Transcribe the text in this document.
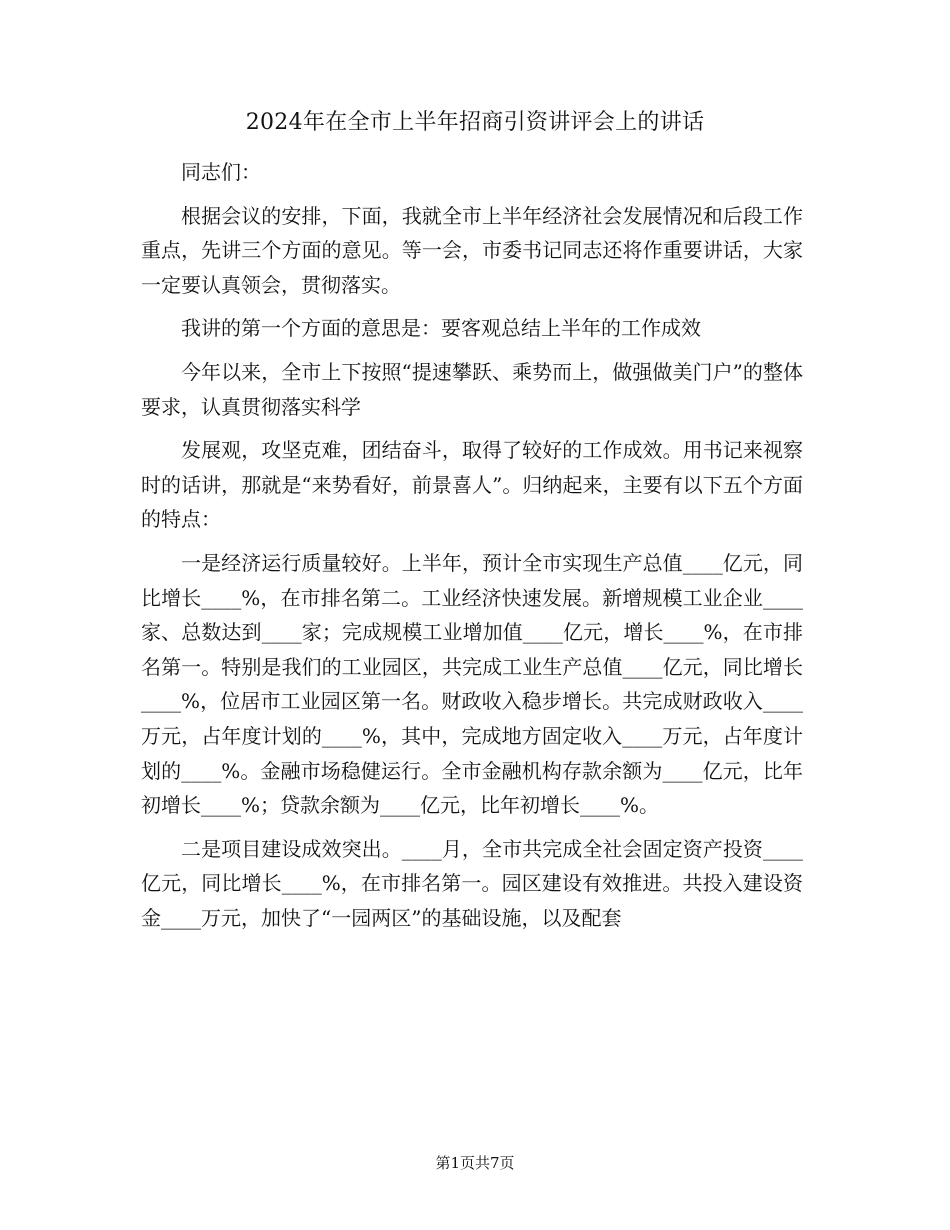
2024年在全市上半年招商引资讲评会上的讲话

同志们：

根据会议的安排，下面，我就全市上半年经济社会发展情况和后段工作重点，先讲三个方面的意见。等一会，市委书记同志还将作重要讲话，大家一定要认真领会，贯彻落实。

我讲的第一个方面的意思是：要客观总结上半年的工作成效

今年以来，全市上下按照“提速攀跃、乘势而上，做强做美门户”的整体要求，认真贯彻落实科学

发展观，攻坚克难，团结奋斗，取得了较好的工作成效。用书记来视察时的话讲，那就是“来势看好，前景喜人”。归纳起来，主要有以下五个方面的特点：

一是经济运行质量较好。上半年，预计全市实现生产总值____亿元，同比增长____%，在市排名第二。工业经济快速发展。新增规模工业企业____家、总数达到____家；完成规模工业增加值____亿元，增长____%，在市排名第一。特别是我们的工业园区，共完成工业生产总值____亿元，同比增长____%，位居市工业园区第一名。财政收入稳步增长。共完成财政收入____万元，占年度计划的____%，其中，完成地方固定收入____万元，占年度计划的____%。金融市场稳健运行。全市金融机构存款余额为____亿元，比年初增长____%；贷款余额为____亿元，比年初增长____%。

二是项目建设成效突出。____月，全市共完成全社会固定资产投资____亿元，同比增长____%，在市排名第一。园区建设有效推进。共投入建设资金____万元，加快了“一园两区”的基础设施，以及配套

第1页共7页
